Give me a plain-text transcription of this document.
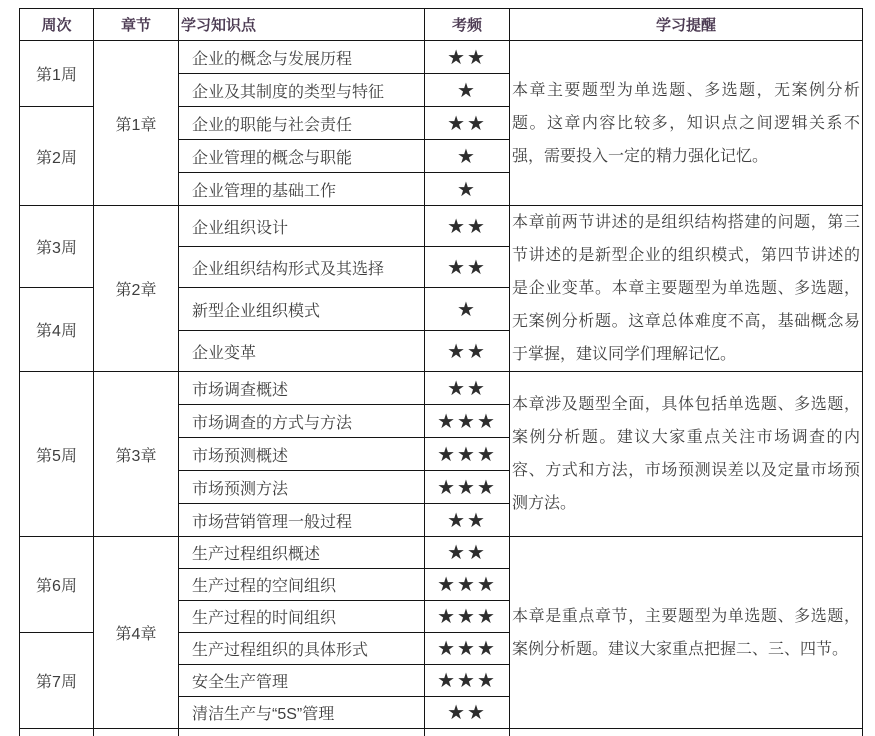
周次	章节	学习知识点	考频	学习提醒
第1周	第1章	企业的概念与发展历程	★★	本章主要题型为单选题、多选题，无案例分析题。这章内容比较多，知识点之间逻辑关系不强，需要投入一定的精力强化记忆。
		企业及其制度的类型与特征	★	
第2周		企业的职能与社会责任	★★	
		企业管理的概念与职能	★	
		企业管理的基础工作	★	
第3周	第2章	企业组织设计	★★	本章前两节讲述的是组织结构搭建的问题，第三节讲述的是新型企业的组织模式，第四节讲述的是企业变革。本章主要题型为单选题、多选题，无案例分析题。这章总体难度不高，基础概念易于掌握，建议同学们理解记忆。
		企业组织结构形式及其选择	★★	
第4周		新型企业组织模式	★	
		企业变革	★★	
第5周	第3章	市场调查概述	★★	本章涉及题型全面，具体包括单选题、多选题，案例分析题。建议大家重点关注市场调查的内容、方式和方法，市场预测误差以及定量市场预测方法。
		市场调查的方式与方法	★★★	
		市场预测概述	★★★	
		市场预测方法	★★★	
		市场营销管理一般过程	★★	
第6周	第4章	生产过程组织概述	★★	本章是重点章节，主要题型为单选题、多选题，案例分析题。建议大家重点把握二、三、四节。
		生产过程的空间组织	★★★	
		生产过程的时间组织	★★★	
第7周		生产过程组织的具体形式	★★★	
		安全生产管理	★★★	
		清洁生产与“5S”管理	★★	
